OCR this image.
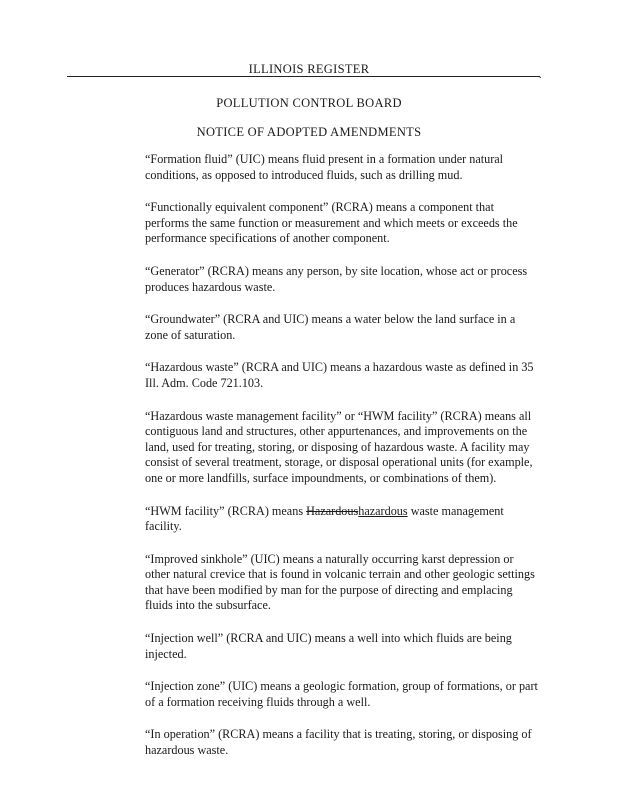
ILLINOIS REGISTER	.
POLLUTION CONTROL BOARD
NOTICE OF ADOPTED AMENDMENTS

“Formation fluid” (UIC) means fluid present in a formation under natural conditions, as opposed to introduced fluids, such as drilling mud.

“Functionally equivalent component” (RCRA) means a component that performs the same function or measurement and which meets or exceeds the performance specifications of another component.

“Generator” (RCRA) means any person, by site location, whose act or process produces hazardous waste.

“Groundwater” (RCRA and UIC) means a water below the land surface in a zone of saturation.

“Hazardous waste” (RCRA and UIC) means a hazardous waste as defined in 35 Ill. Adm. Code 721.103.

“Hazardous waste management facility” or “HWM facility” (RCRA) means all contiguous land and structures, other appurtenances, and improvements on the land, used for treating, storing, or disposing of hazardous waste. A facility may consist of several treatment, storage, or disposal operational units (for example, one or more landfills, surface impoundments, or combinations of them).

“HWM facility” (RCRA) means Hazardoushazardous waste management facility.

“Improved sinkhole” (UIC) means a naturally occurring karst depression or other natural crevice that is found in volcanic terrain and other geologic settings that have been modified by man for the purpose of directing and emplacing fluids into the subsurface.

“Injection well” (RCRA and UIC) means a well into which fluids are being injected.

“Injection zone” (UIC) means a geologic formation, group of formations, or part of a formation receiving fluids through a well.

“In operation” (RCRA) means a facility that is treating, storing, or disposing of hazardous waste.
